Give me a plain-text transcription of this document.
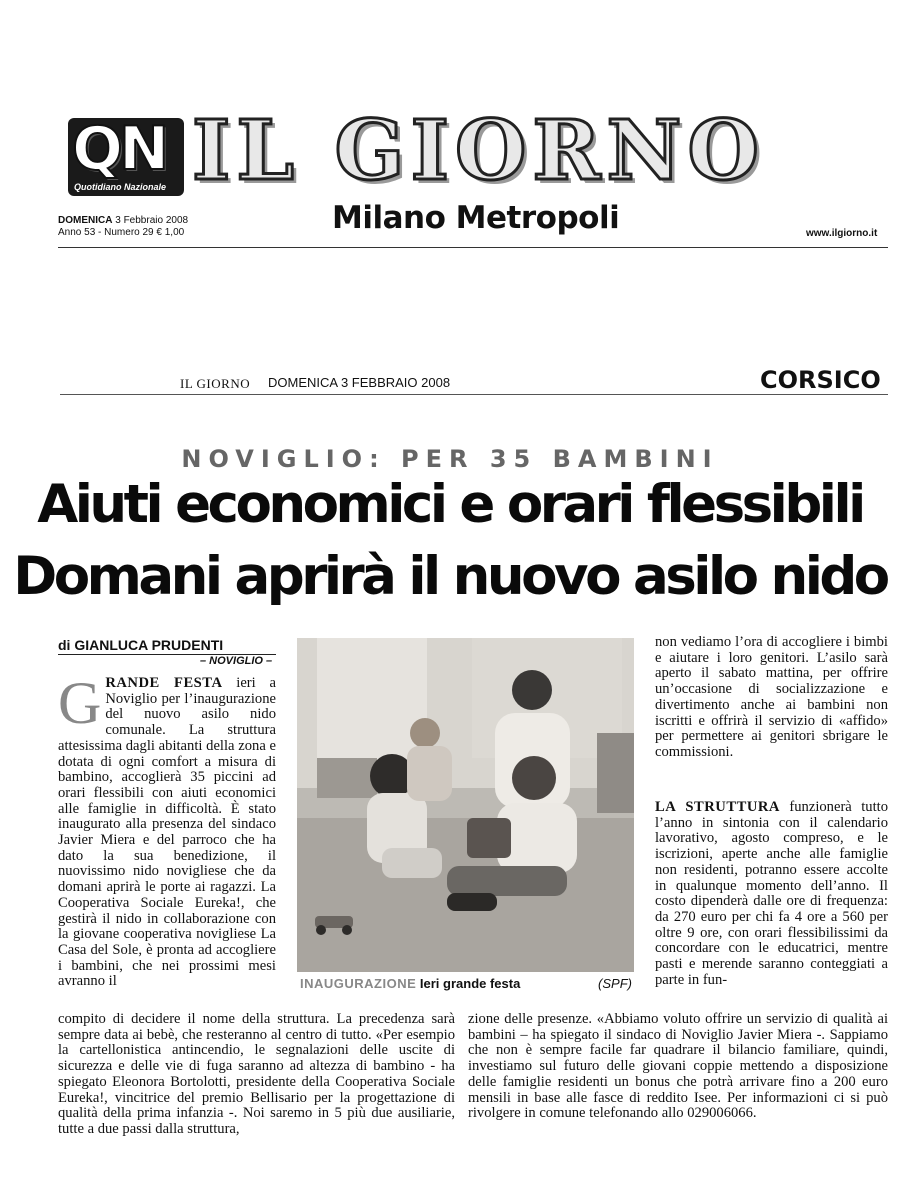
QN
Quotidiano Nazionale IL GIORNO
DOMENICA 3 Febbraio 2008
Anno 53 - Numero 29 € 1,00	Milano Metropoli	www.ilgiorno.it
IL GIORNO DOMENICA 3 FEBBRAIO 2008	CORSICO
NOVIGLIO: PER 35 BAMBINI
Aiuti economici e orari flessibili
Domani aprirà il nuovo asilo nido
di GIANLUCA PRUDENTI
– NOVIGLIO –
GRANDE FESTA ieri a Noviglio per l’inaugurazione del nuovo asilo nido comunale. La struttura attesissima dagli abitanti della zona e dotata di ogni comfort a misura di bambino, accoglierà 35 piccini ad orari flessibili con aiuti economici alle famiglie in difficoltà. È stato inaugurato alla presenza del sindaco Javier Miera e del parroco che ha dato la sua benedizione, il nuovissimo nido novigliese che da domani aprirà le porte ai ragazzi. La Cooperativa Sociale Eureka!, che gestirà il nido in collaborazione con la giovane cooperativa novigliese La Casa del Sole, è pronta ad accogliere i bambini, che nei prossimi mesi avranno il	INAUGURAZIONE Ieri grande festa	(SPF)
non vediamo l’ora di accogliere i bimbi e aiutare i loro genitori. L’asilo sarà aperto il sabato mattina, per offrire un’occasione di socializzazione e divertimento anche ai bambini non iscritti e offrirà il servizio di «affido» per permettere ai genitori sbrigare le commissioni.
LA STRUTTURA funzionerà tutto l’anno in sintonia con il calendario lavorativo, agosto compreso, e le iscrizioni, aperte anche alle famiglie non residenti, potranno essere accolte in qualunque momento dell’anno. Il costo dipenderà dalle ore di frequenza: da 270 euro per chi fa 4 ore a 560 per oltre 9 ore, con orari flessibilissimi da concordare con le educatrici, mentre pasti e merende saranno conteggiati a parte in fun-
compito di decidere il nome della struttura. La precedenza sarà sempre data ai bebè, che resteranno al centro di tutto. «Per esempio la cartellonistica antincendio, le segnalazioni delle uscite di sicurezza e delle vie di fuga saranno ad altezza di bambino - ha spiegato Eleonora Bortolotti, presidente della Cooperativa Sociale Eureka!, vincitrice del premio Bellisario per la progettazione di qualità della prima infanzia -. Noi saremo in 5 più due ausiliarie, tutte a due passi dalla struttura,
zione delle presenze. «Abbiamo voluto offrire un servizio di qualità ai bambini – ha spiegato il sindaco di Noviglio Javier Miera -. Sappiamo che non è sempre facile far quadrare il bilancio familiare, quindi, investiamo sul futuro delle giovani coppie mettendo a disposizione delle famiglie residenti un bonus che potrà arrivare fino a 200 euro mensili in base alle fasce di reddito Isee. Per informazioni ci si può rivolgere in comune telefonando allo 029006066.
